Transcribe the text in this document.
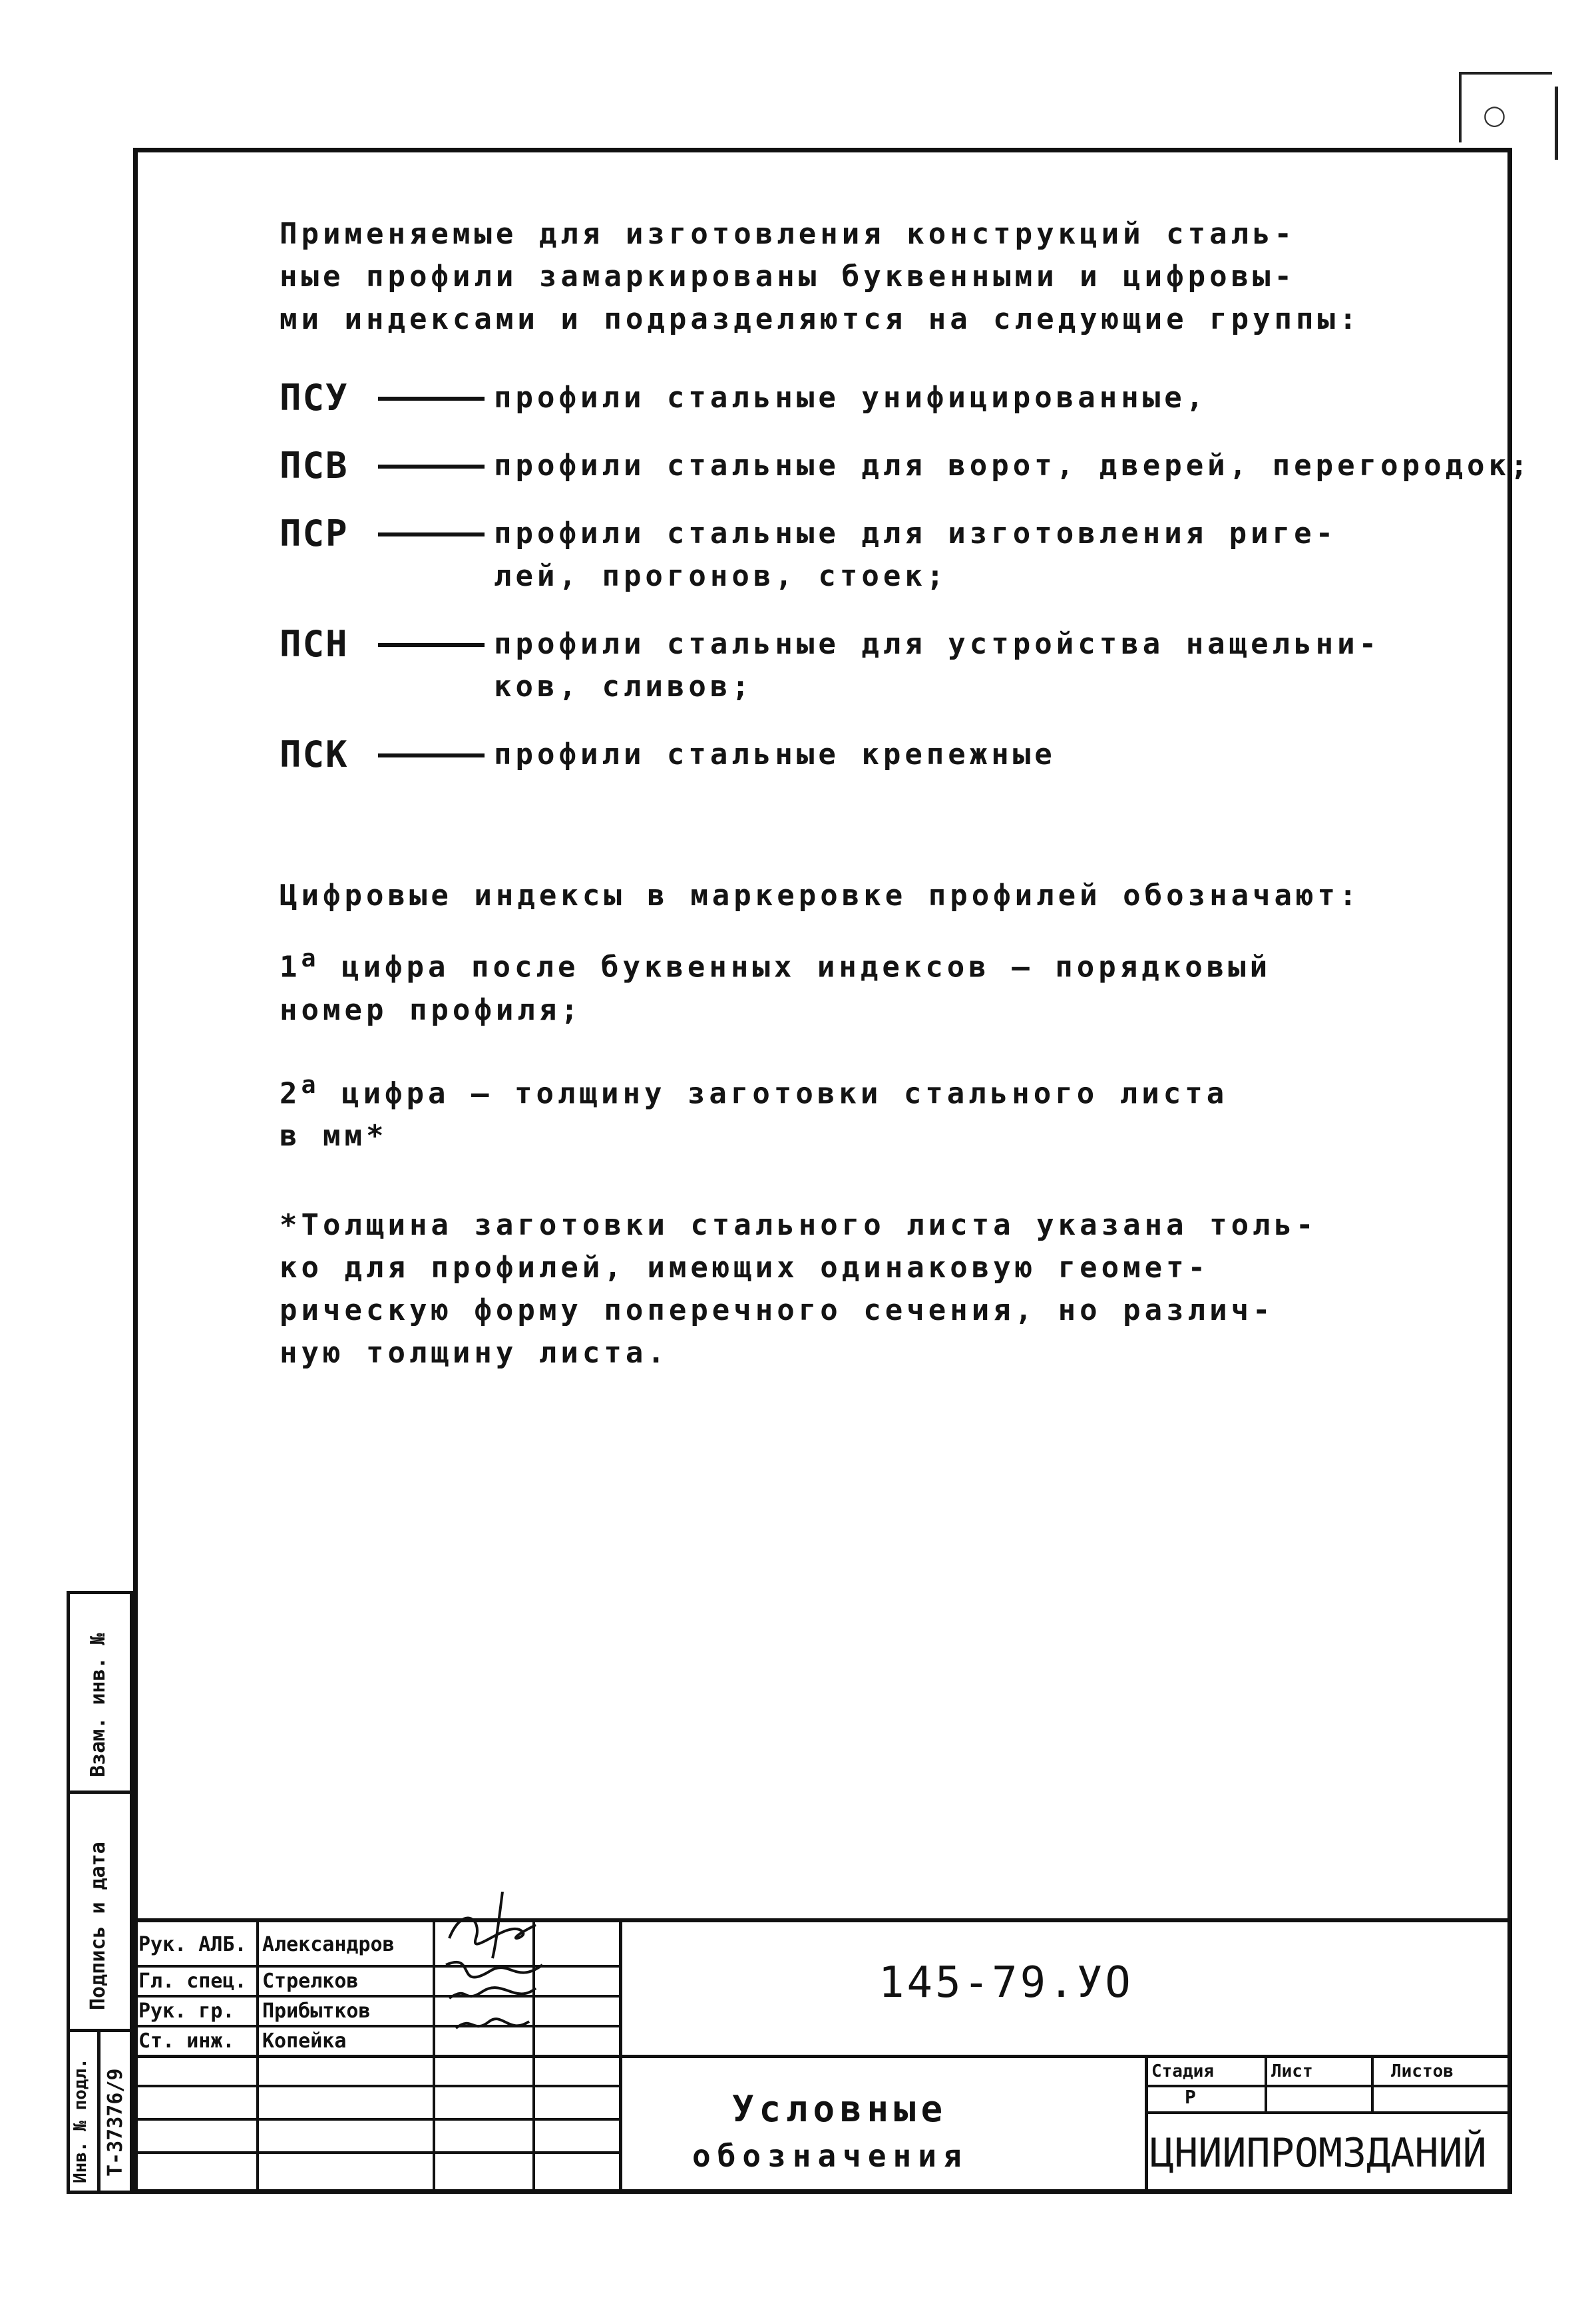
○

Применяемые для изготовления конструкций сталь-

ные профили замаркированы буквенными и цифровы-

ми индексами и подразделяются на следующие группы:

ПСУ	профили стальные унифицированные,

ПСВ	профили стальные для ворот, дверей, перегородок;

ПСР	профили стальные для изготовления риге-

лей, прогонов, стоек;

ПСН	профили стальные для устройства нащельни-

ков, сливов;

ПСК	профили стальные крепежные

Цифровые индексы в маркеровке профилей обозначают:

1$^a$ цифра после буквенных индексов — порядковый

номер профиля;

2$^a$ цифра — толщину заготовки стального листа

в мм*

*Толщина заготовки стального листа указана толь-

ко для профилей, имеющих одинаковую геомет-

рическую форму поперечного сечения, но различ-

ную толщину листа.

Взам. инв. №
Подпись и дата
Инв. № подл. Т-37376/9
Рук. АЛБ. Александров
Гл. спец. Стрелков
Рук. гр. Прибытков
Ст. инж. Копейка
145-79.УО
Условные
обозначения
Стадия	Лист	Листов
Р
ЦНИИПРОМЗДАНИЙ
